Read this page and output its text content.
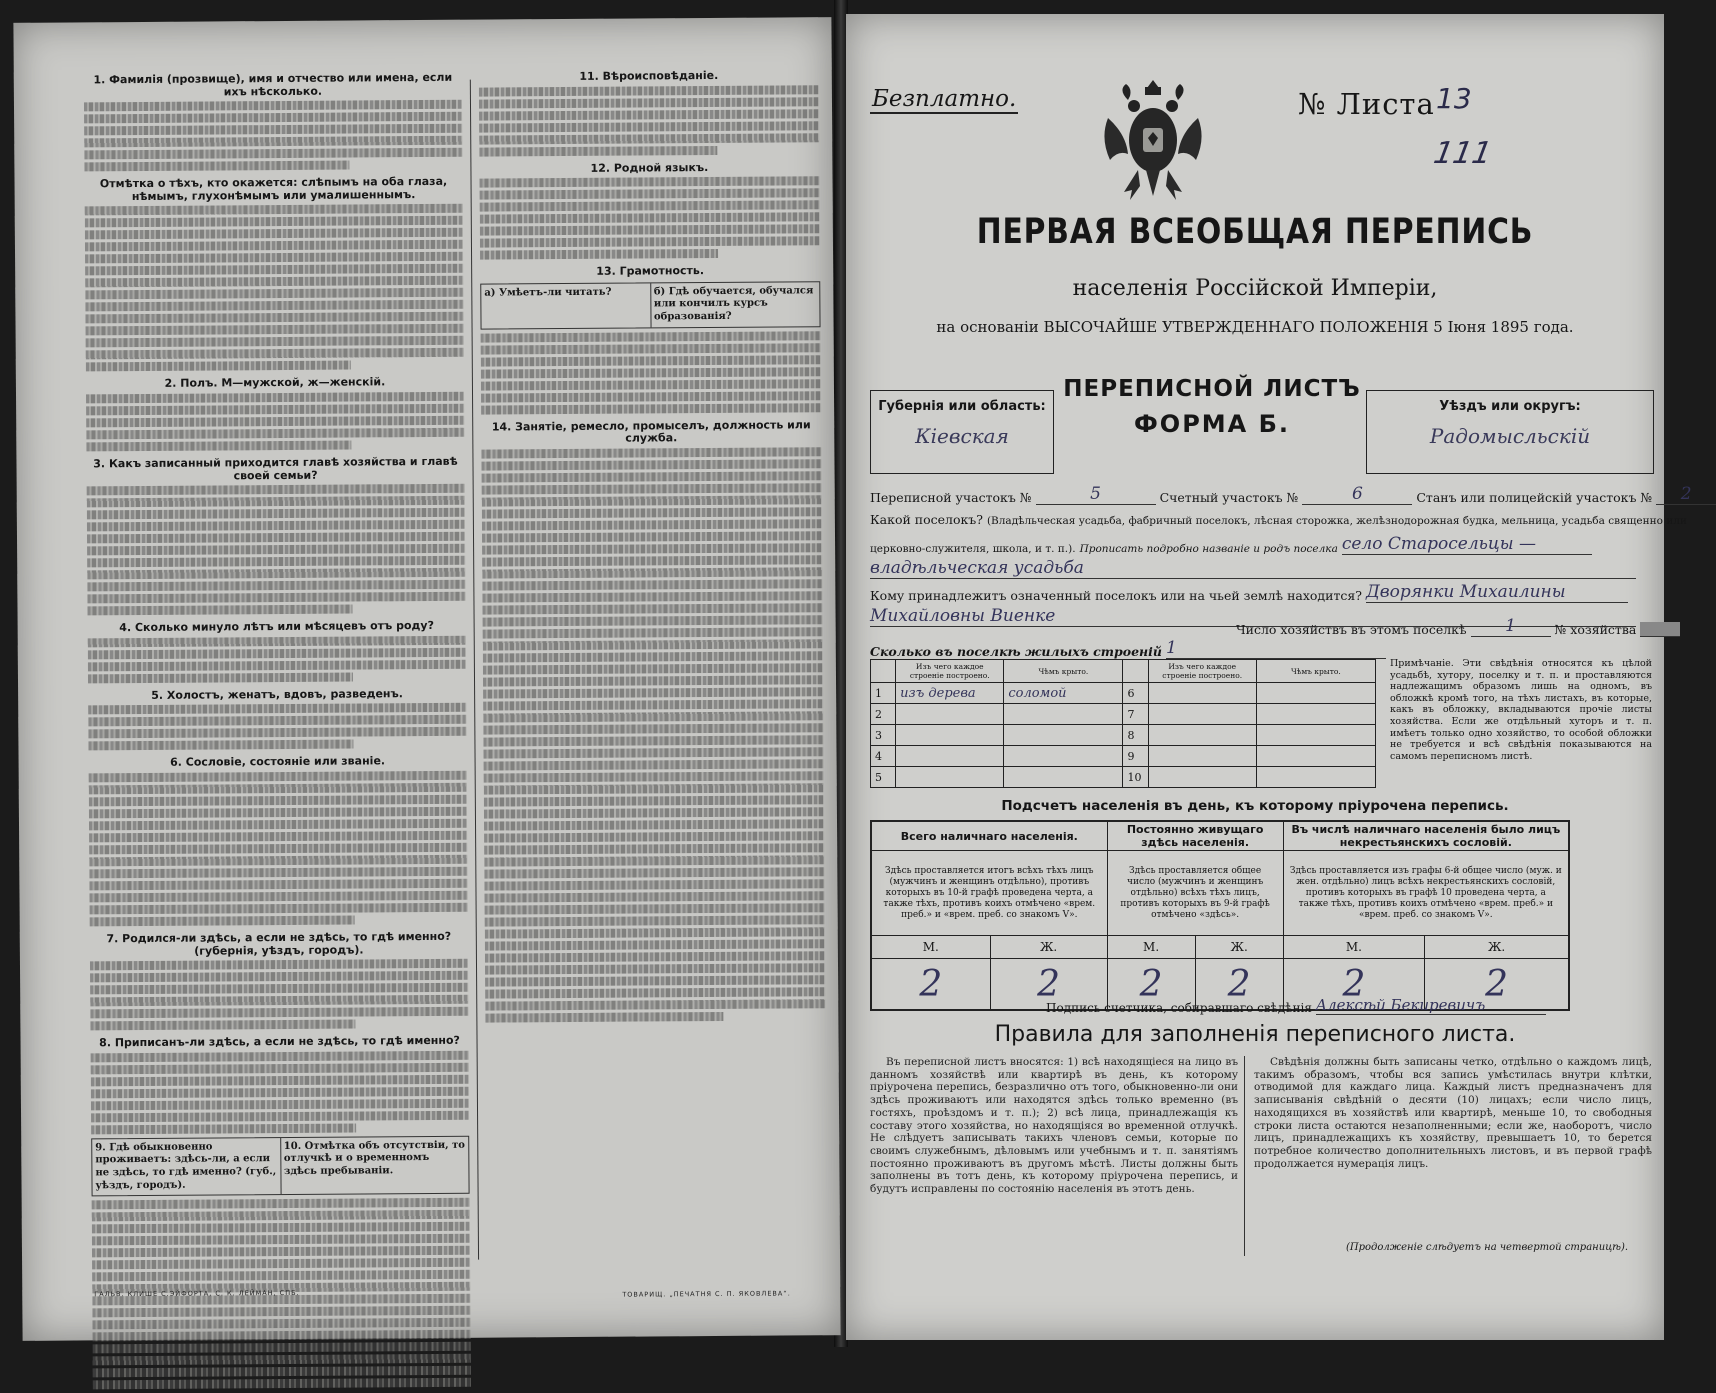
1. Фамилія (прозвище), имя и отчество или имена, если ихъ нѣсколько.
Отмѣтка о тѣхъ, кто окажется: слѣпымъ на оба глаза, нѣмымъ, глухонѣмымъ или умалишеннымъ.
2. Полъ. М—мужской, ж—женскій.
3. Какъ записанный приходится главѣ хозяйства и главѣ своей семьи?
4. Сколько минуло лѣтъ или мѣсяцевъ отъ роду?
5. Холостъ, женатъ, вдовъ, разведенъ.
6. Сословіе, состояніе или званіе.
7. Родился-ли здѣсь, а если не здѣсь, то гдѣ именно? (губернія, уѣздъ, городъ).
8. Приписанъ-ли здѣсь, а если не здѣсь, то гдѣ именно?
9. Гдѣ обыкновенно проживаетъ: здѣсь-ли, а если не здѣсь, то гдѣ именно? (губ., уѣздъ, городъ).
10. Отмѣтка объ отсутствіи, то отлучкѣ и о временномъ здѣсь пребываніи.
11. Вѣроисповѣданіе.
12. Родной языкъ.
13. Грамотность.
а) Умѣетъ-ли читать?	б) Гдѣ обучается, обучался или кончилъ курсъ образованія?
14. Занятіе, ремесло, промыселъ, должность или служба.
ГАЛЬВ. КЛИШЕ С.ЭЙФОРТА, С. К. ЛЕЙМАН, СПБ.	ТОВАРИЩ. „ПЕЧАТНЯ С. П. ЯКОВЛЕВА“.
Безплатно.	№ Листа 13
111
ПЕРВАЯ ВСЕОБЩАЯ ПЕРЕПИСЬ
населенія Россійской Имперіи,
на основаніи ВЫСОЧАЙШЕ УТВЕРЖДЕННАГО ПОЛОЖЕНІЯ 5 Іюня 1895 года.
Губернія или область:
Кіевская
ПЕРЕПИСНОЙ ЛИСТЪ
ФОРМА Б.
Уѣздъ или округъ:
Радомысльскій
Переписной участокъ №	5	Счетный участокъ №	6	Станъ или полицейскій участокъ № 2
Какой поселокъ? (Владѣльческая усадьба, фабричный поселокъ, лѣсная сторожка, желѣзнодорожная будка, мельница, усадьба священно или
церковно-служителя, школа, и т. п.). Прописать подробно названіе и родъ поселка село Старосельцы —
владѣльческая усадьба
Кому принадлежитъ означенный поселокъ или на чьей землѣ находится? Дворянки Михаилины
Михайловны Виенке
Число хозяйствъ въ этомъ поселкѣ 1	№ хозяйства
Сколько въ поселкѣ жилыхъ строеній 1
	Изъ чего каждое строеніе построено.	Чѣмъ крыто.		Изъ чего каждое строеніе построено.	Чѣмъ крыто.
1	изъ дерева	соломой	6		
2			7		
3			8		
4			9		
5			10		
Примѣчаніе. Эти свѣдѣнія относятся къ цѣлой усадьбѣ, хутору, поселку и т. п. и проставляются надлежащимъ образомъ лишь на одномъ, въ обложкѣ кромѣ того, на тѣхъ листахъ, въ которые, какъ въ обложку, вкладываются прочіе листы хозяйства. Если же отдѣльный хуторъ и т. п. имѣетъ только одно хозяйство, то особой обложки не требуется и всѣ свѣдѣнія показываются на самомъ переписномъ листѣ.
Подсчетъ населенія въ день, къ которому пріурочена перепись.
Всего наличнаго населенія.		Постоянно живущаго здѣсь населенія.		Въ числѣ наличнаго населенія было лицъ некрестьянскихъ сословій.	
Здѣсь проставляется итогъ всѣхъ тѣхъ лицъ (мужчинъ и женщинъ отдѣльно), противъ которыхъ въ 10-й графѣ проведена черта, а также тѣхъ, противъ коихъ отмѣчено «врем. преб.» и «врем. преб. со знакомъ V».		Здѣсь проставляется общее число (мужчинъ и женщинъ отдѣльно) всѣхъ тѣхъ лицъ, противъ которыхъ въ 9-й графѣ отмѣчено «здѣсь».		Здѣсь проставляется изъ графы 6-й общее число (муж. и жен. отдѣльно) лицъ всѣхъ некрестьянскихъ сословій, противъ которыхъ въ графѣ 10 проведена черта, а также тѣхъ, противъ коихъ отмѣчено «врем. преб.» и «врем. преб. со знакомъ V».	
М.	Ж.	М.	Ж.	М.	Ж.
2	2	2	2	2	2
Подпись счетчика, собиравшаго свѣдѣнія Алексѣй Бекиревичъ
Правила для заполненія переписного листа.

Въ переписной листъ вносятся: 1) всѣ находящіеся на лицо въ данномъ хозяйствѣ или квартирѣ въ день, къ которому пріурочена перепись, безразлично отъ того, обыкновенно-ли они здѣсь проживаютъ или находятся здѣсь только временно (въ гостяхъ, проѣздомъ и т. п.); 2) всѣ лица, принадлежащія къ составу этого хозяйства, но находящіяся во временной отлучкѣ. Не слѣдуетъ записывать такихъ членовъ семьи, которые по своимъ служебнымъ, дѣловымъ или учебнымъ и т. п. занятіямъ постоянно проживаютъ въ другомъ мѣстѣ. Листы должны быть заполнены въ тотъ день, къ которому пріурочена перепись, и будутъ исправлены по состоянію населенія въ этотъ день.

Свѣдѣнія должны быть записаны четко, отдѣльно о каждомъ лицѣ, такимъ образомъ, чтобы вся запись умѣстилась внутри клѣтки, отводимой для каждаго лица. Каждый листъ предназначенъ для записыванія свѣдѣній о десяти (10) лицахъ; если число лицъ, находящихся въ хозяйствѣ или квартирѣ, меньше 10, то свободныя строки листа остаются незаполненными; если же, наоборотъ, число лицъ, принадлежащихъ къ хозяйству, превышаетъ 10, то берется потребное количество дополнительныхъ листовъ, и въ первой графѣ продолжается нумерація лицъ.

(Продолженіе слѣдуетъ на четвертой страницѣ).
